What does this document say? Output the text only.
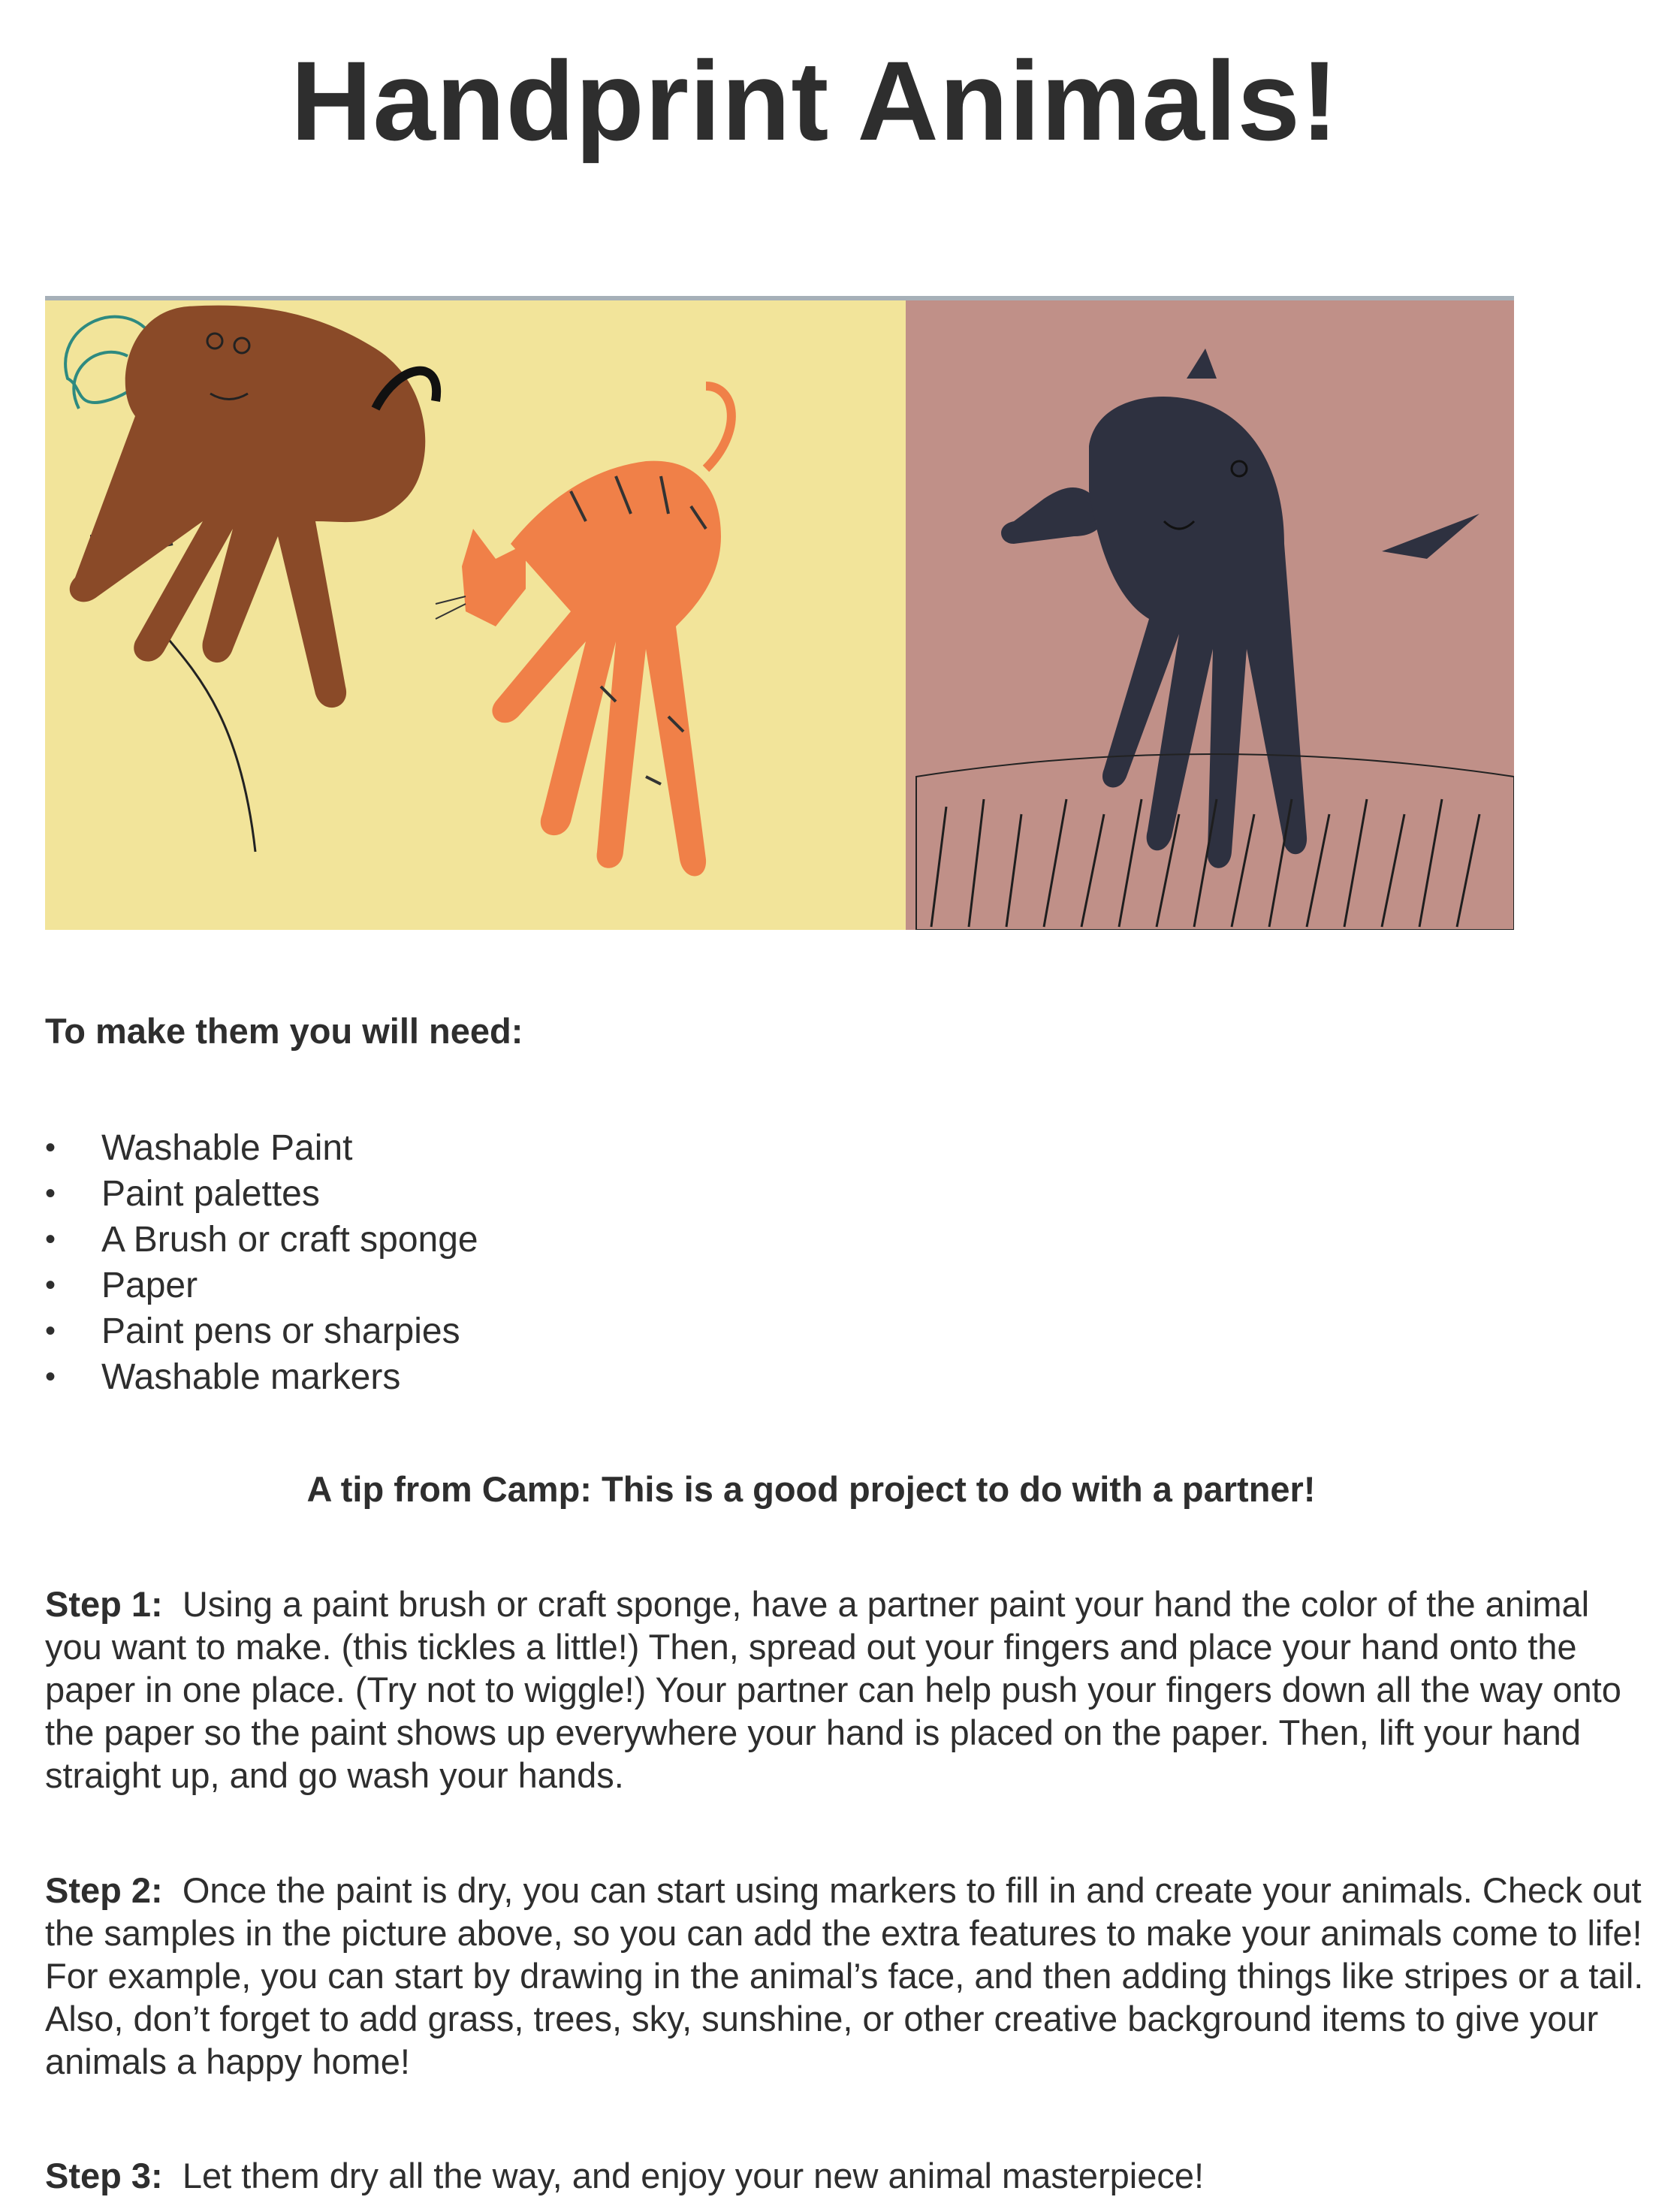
Handprint Animals!
To make them you will need:
• Washable Paint
• Paint palettes
• A Brush or craft sponge
• Paper
• Paint pens or sharpies
• Washable markers
A tip from Camp: This is a good project to do with a partner!
Step 1: Using a paint brush or craft sponge, have a partner paint your hand the color of the animal you want to make. (this tickles a little!) Then, spread out your fingers and place your hand onto the paper in one place. (Try not to wiggle!) Your partner can help push your fingers down all the way onto the paper so the paint shows up everywhere your hand is placed on the paper. Then, lift your hand straight up, and go wash your hands.
Step 2: Once the paint is dry, you can start using markers to fill in and create your animals. Check out the samples in the picture above, so you can add the extra features to make your animals come to life! For example, you can start by drawing in the animal’s face, and then adding things like stripes or a tail. Also, don’t forget to add grass, trees, sky, sunshine, or other creative background items to give your animals a happy home!
Step 3: Let them dry all the way, and enjoy your new animal masterpiece!
